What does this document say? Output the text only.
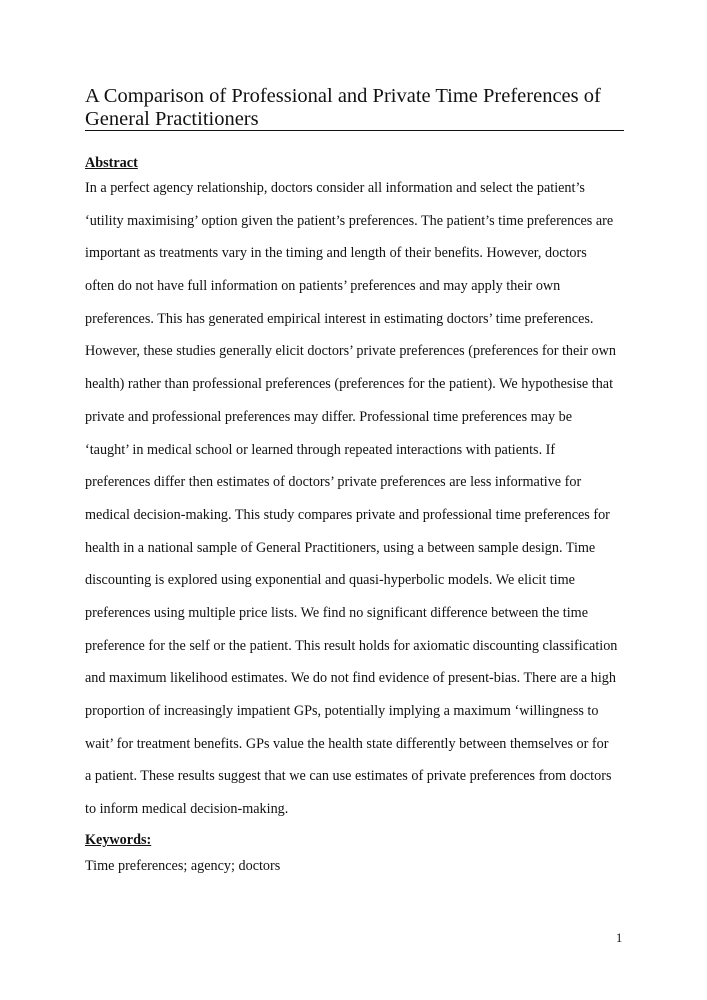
A Comparison of Professional and Private Time Preferences of
General Practitioners
Abstract
In a perfect agency relationship, doctors consider all information and select the patient’s
‘utility maximising’ option given the patient’s preferences. The patient’s time preferences are
important as treatments vary in the timing and length of their benefits. However, doctors
often do not have full information on patients’ preferences and may apply their own
preferences. This has generated empirical interest in estimating doctors’ time preferences.
However, these studies generally elicit doctors’ private preferences (preferences for their own
health) rather than professional preferences (preferences for the patient). We hypothesise that
private and professional preferences may differ. Professional time preferences may be
‘taught’ in medical school or learned through repeated interactions with patients. If
preferences differ then estimates of doctors’ private preferences are less informative for
medical decision-making. This study compares private and professional time preferences for
health in a national sample of General Practitioners, using a between sample design. Time
discounting is explored using exponential and quasi-hyperbolic models. We elicit time
preferences using multiple price lists. We find no significant difference between the time
preference for the self or the patient. This result holds for axiomatic discounting classification
and maximum likelihood estimates. We do not find evidence of present-bias. There are a high
proportion of increasingly impatient GPs, potentially implying a maximum ‘willingness to
wait’ for treatment benefits. GPs value the health state differently between themselves or for
a patient. These results suggest that we can use estimates of private preferences from doctors
to inform medical decision-making.
Keywords:

Time preferences; agency; doctors

1
